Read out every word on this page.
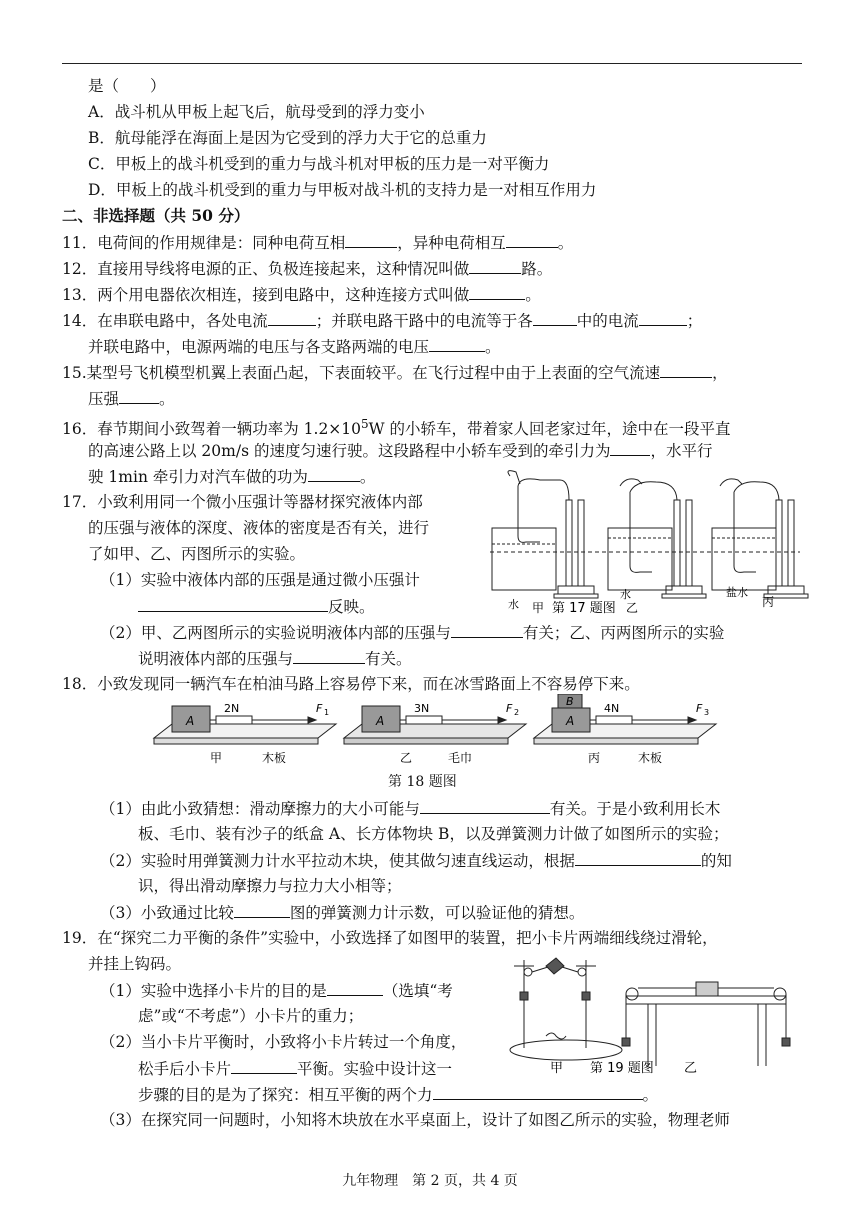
是（　　）
A．战斗机从甲板上起飞后，航母受到的浮力变小
B．航母能浮在海面上是因为它受到的浮力大于它的总重力
C．甲板上的战斗机受到的重力与战斗机对甲板的压力是一对平衡力
D．甲板上的战斗机受到的重力与甲板对战斗机的支持力是一对相互作用力
二、非选择题（共 50 分）
11．电荷间的作用规律是：同种电荷互相	，异种电荷相互	。
12．直接用导线将电源的正、负极连接起来，这种情况叫做	路。
13．两个用电器依次相连，接到电路中，这种连接方式叫做	。
14．在串联电路中，各处电流	；并联电路干路中的电流等于各	中的电流	；
并联电路中，电源两端的电压与各支路两端的电压	。
15.某型号飞机模型机翼上表面凸起，下表面较平。在飞行过程中由于上表面的空气流速	，
压强	。
16．春节期间小致驾着一辆功率为 $1.2\times 10^5W$ 的小轿车，带着家人回老家过年，途中在一段平直
的高速公路上以 20m/s 的速度匀速行驶。这段路程中小轿车受到的牵引力为	，水平行
驶 1min 牵引力对汽车做的功为	。
17．小致利用同一个微小压强计等器材探究液体内部
的压强与液体的深度、液体的密度是否有关，进行
了如甲、乙、丙图所示的实验。
（1）实验中液体内部的压强是通过微小压强计
反映。
（2）甲、乙两图所示的实验说明液体内部的压强与	有关；乙、丙两图所示的实验
说明液体内部的压强与	有关。
水 甲 第 17 题图 乙
水	盐水
丙
18．小致发现同一辆汽车在柏油马路上容易停下来，而在冰雪路面上不容易停下来。
A	A	A
B
2N	3N	4N
F 1	F 2	F 3
甲	木板	乙	毛巾	丙	木板
第 18 题图
（1）由此小致猜想：滑动摩擦力的大小可能与	有关。于是小致利用长木
板、毛巾、装有沙子的纸盒 A、长方体物块 B，以及弹簧测力计做了如图所示的实验；
（2）实验时用弹簧测力计水平拉动木块，使其做匀速直线运动，根据	的知
识，得出滑动摩擦力与拉力大小相等；
（3）小致通过比较	图的弹簧测力计示数，可以验证他的猜想。
19．在“探究二力平衡的条件”实验中，小致选择了如图甲的装置，把小卡片两端细线绕过滑轮，
并挂上钩码。
（1）实验中选择小卡片的目的是	（选填“考
虑”或“不考虑”）小卡片的重力；
（2）当小卡片平衡时，小致将小卡片转过一个角度，
松手后小卡片	平衡。实验中设计这一
步骤的目的是为了探究：相互平衡的两个力	。
（3）在探究同一问题时，小知将木块放在水平桌面上，设计了如图乙所示的实验，物理老师
甲 第 19 题图 乙
九年物理　第 2 页，共 4 页
